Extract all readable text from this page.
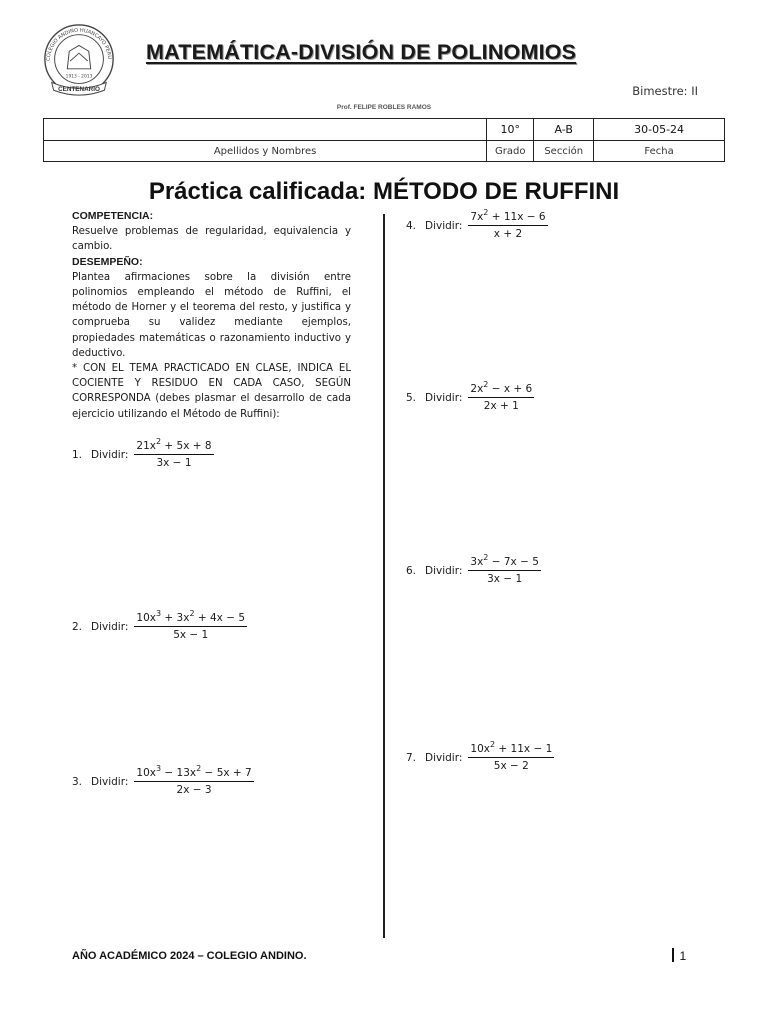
COLEGIO ANDINO HUANCAYO PERÚ
1913 - 2013
CENTENARIO
MATEMÁTICA-DIVISIÓN DE POLINOMIOS
Bimestre: II
Prof. FELIPE ROBLES RAMOS
	10°	A-B	30-05-24
Apellidos y Nombres	Grado	Sección	Fecha
Práctica calificada: MÉTODO DE RUFFINI

COMPETENCIA:

Resuelve problemas de regularidad, equivalencia y cambio.

DESEMPEÑO:

Plantea afirmaciones sobre la división entre polinomios empleando el método de Ruffini, el método de Horner y el teorema del resto, y justifica y comprueba su validez mediante ejemplos, propiedades matemáticas o razonamiento inductivo y deductivo.

* CON EL TEMA PRACTICADO EN CLASE, INDICA EL COCIENTE Y RESIDUO EN CADA CASO, SEGÚN CORRESPONDA (debes plasmar el desarrollo de cada ejercicio utilizando el Método de Ruffini):

1. Dividir: $\frac{21x^2 + 5x + 8}{3x - 1}$
2. Dividir: $\frac{10x^3 + 3x^2 + 4x - 5}{5x - 1}$
3. Dividir: $\frac{10x^3 - 13x^2 - 5x + 7}{2x - 3}$
4. Dividir: $\frac{7x^2 + 11x - 6}{x + 2}$
5. Dividir: $\frac{2x^2 - x + 6}{2x + 1}$
6. Dividir: $\frac{3x^2 - 7x - 5}{3x - 1}$
7. Dividir: $\frac{10x^2 + 11x - 1}{5x - 2}$
AÑO ACADÉMICO 2024 – COLEGIO ANDINO.	1
